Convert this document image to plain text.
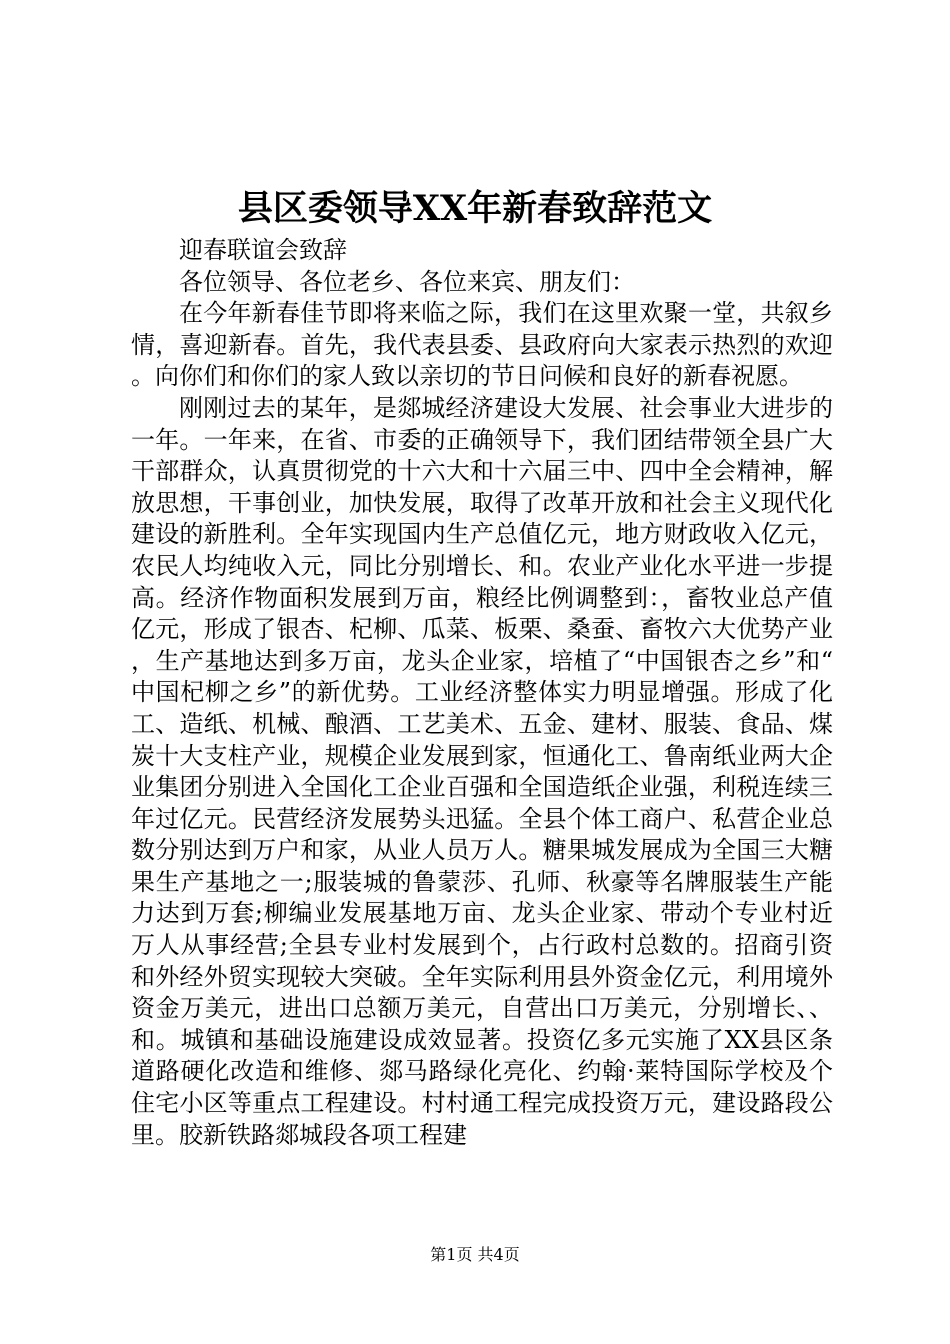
县区委领导XX年新春致辞范文

迎春联谊会致辞

各位领导、各位老乡、各位来宾、朋友们：

在今年新春佳节即将来临之际，我们在这里欢聚一堂，共叙乡情，喜迎新春。首先，我代表县委、县政府向大家表示热烈的欢迎。向你们和你们的家人致以亲切的节日问候和良好的新春祝愿。

刚刚过去的某年，是郯城经济建设大发展、社会事业大进步的一年。一年来，在省、市委的正确领导下，我们团结带领全县广大干部群众，认真贯彻党的十六大和十六届三中、四中全会精神，解放思想，干事创业，加快发展，取得了改革开放和社会主义现代化建设的新胜利。全年实现国内生产总值亿元，地方财政收入亿元，农民人均纯收入元，同比分别增长、和。农业产业化水平进一步提高。经济作物面积发展到万亩，粮经比例调整到：，畜牧业总产值亿元，形成了银杏、杞柳、瓜菜、板栗、桑蚕、畜牧六大优势产业，生产基地达到多万亩，龙头企业家，培植了“中国银杏之乡”和“中国杞柳之乡”的新优势。工业经济整体实力明显增强。形成了化工、造纸、机械、酿酒、工艺美术、五金、建材、服装、食品、煤炭十大支柱产业，规模企业发展到家，恒通化工、鲁南纸业两大企业集团分别进入全国化工企业百强和全国造纸企业强，利税连续三年过亿元。民营经济发展势头迅猛。全县个体工商户、私营企业总数分别达到万户和家，从业人员万人。糖果城发展成为全国三大糖果生产基地之一;服装城的鲁蒙莎、孔师、秋豪等名牌服装生产能力达到万套;柳编业发展基地万亩、龙头企业家、带动个专业村近万人从事经营;全县专业村发展到个，占行政村总数的。招商引资和外经外贸实现较大突破。全年实际利用县外资金亿元，利用境外资金万美元，进出口总额万美元，自营出口万美元，分别增长、、和。城镇和基础设施建设成效显著。投资亿多元实施了XX县区条道路硬化改造和维修、郯马路绿化亮化、约翰·莱特国际学校及个住宅小区等重点工程建设。村村通工程完成投资万元，建设路段公里。胶新铁路郯城段各项工程建

第1页 共4页
